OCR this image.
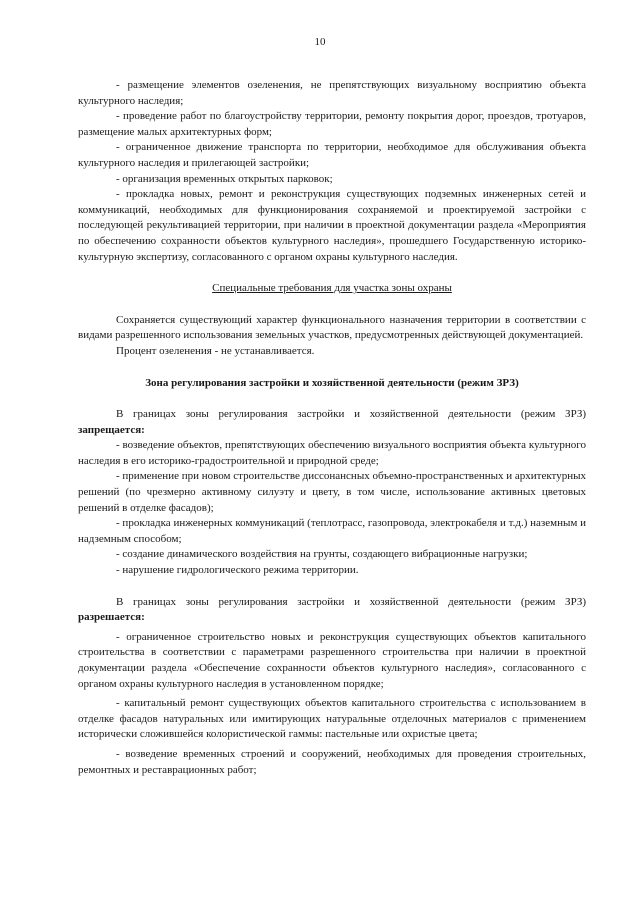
10

- размещение элементов озеленения, не препятствующих визуальному восприятию объекта культурного наследия;

- проведение работ по благоустройству территории, ремонту покрытия дорог, проездов, тротуаров, размещение малых архитектурных форм;

- ограниченное движение транспорта по территории, необходимое для обслуживания объекта культурного наследия и прилегающей застройки;

- организация временных открытых парковок;

- прокладка новых, ремонт и реконструкция существующих подземных инженерных сетей и коммуникаций, необходимых для функционирования сохраняемой и проектируемой застройки с последующей рекультивацией территории, при наличии в проектной документации раздела «Мероприятия по обеспечению сохранности объектов культурного наследия», прошедшего Государственную историко-культурную экспертизу, согласованного с органом охраны культурного наследия.

Специальные требования для участка зоны охраны

Сохраняется существующий характер функционального назначения территории в соответствии с видами разрешенного использования земельных участков, предусмотренных действующей документацией.

Процент озеленения - не устанавливается.

Зона регулирования застройки и хозяйственной деятельности (режим ЗРЗ)

В границах зоны регулирования застройки и хозяйственной деятельности (режим ЗРЗ) запрещается:

- возведение объектов, препятствующих обеспечению визуального восприятия объекта культурного наследия в его историко-градостроительной и природной среде;

- применение при новом строительстве диссонансных объемно-пространственных и архитектурных решений (по чрезмерно активному силуэту и цвету, в том числе, использование активных цветовых решений в отделке фасадов);

- прокладка инженерных коммуникаций (теплотрасс, газопровода, электрокабеля и т.д.) наземным и надземным способом;

- создание динамического воздействия на грунты, создающего вибрационные нагрузки;

- нарушение гидрологического режима территории.

В границах зоны регулирования застройки и хозяйственной деятельности (режим ЗРЗ) разрешается:

- ограниченное строительство новых и реконструкция существующих объектов капитального строительства в соответствии с параметрами разрешенного строительства при наличии в проектной документации раздела «Обеспечение сохранности объектов культурного наследия», согласованного с органом охраны культурного наследия в установленном порядке;

- капитальный ремонт существующих объектов капитального строительства с использованием в отделке фасадов натуральных или имитирующих натуральные отделочных материалов с применением исторически сложившейся колористической гаммы: пастельные или охристые цвета;

- возведение временных строений и сооружений, необходимых для проведения строительных, ремонтных и реставрационных работ;
